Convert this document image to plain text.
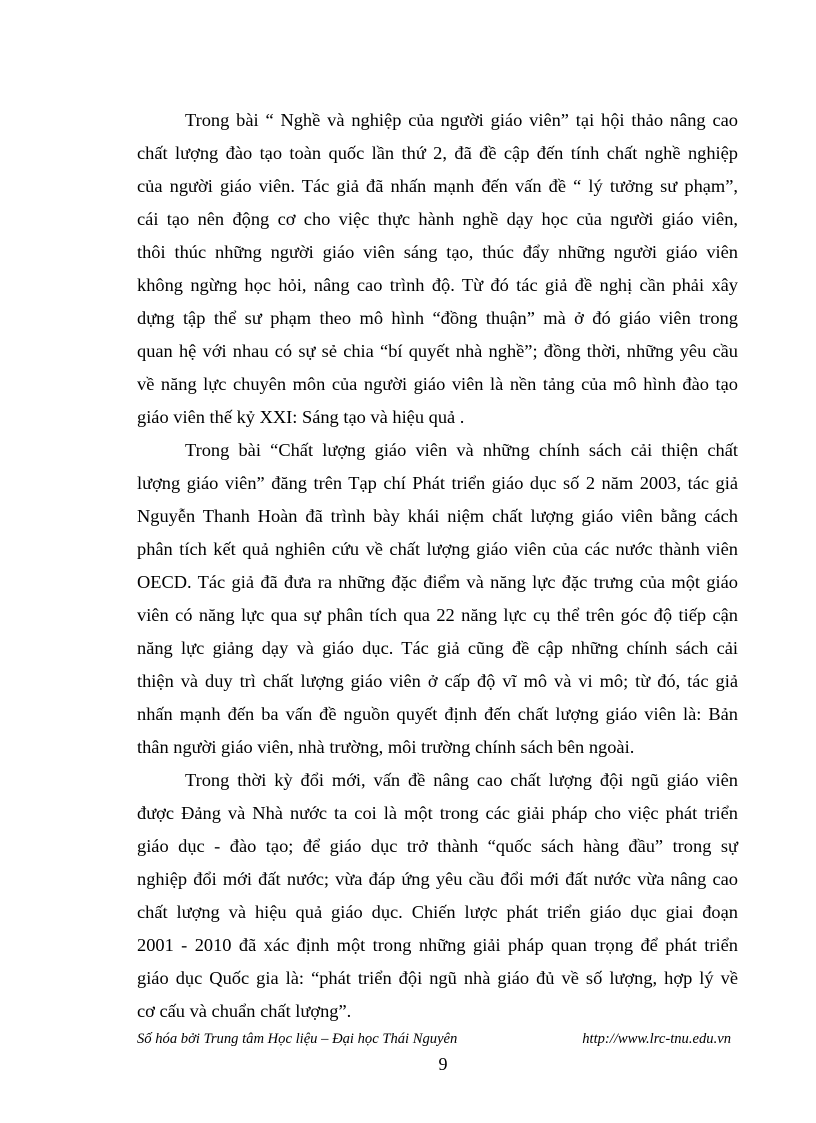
Trong bài “ Nghề và nghiệp của người giáo viên” tại hội thảo nâng cao
chất lượng đào tạo toàn quốc lần thứ 2, đã đề cập đến tính chất nghề nghiệp
của người giáo viên. Tác giả đã nhấn mạnh đến vấn đề “ lý tưởng sư phạm”,
cái tạo nên động cơ cho việc thực hành nghề dạy học của người giáo viên,
thôi thúc những người giáo viên sáng tạo, thúc đẩy những người giáo viên
không ngừng học hỏi, nâng cao trình độ. Từ đó tác giả đề nghị cần phải xây
dựng tập thể sư phạm theo mô hình “đồng thuận” mà ở đó giáo viên trong
quan hệ với nhau có sự sẻ chia “bí quyết nhà nghề”; đồng thời, những yêu cầu
về năng lực chuyên môn của người giáo viên là nền tảng của mô hình đào tạo
giáo viên thế kỷ XXI: Sáng tạo và hiệu quả .
Trong bài “Chất lượng giáo viên và những chính sách cải thiện chất
lượng giáo viên” đăng trên Tạp chí Phát triển giáo dục số 2 năm 2003, tác giả
Nguyễn Thanh Hoàn đã trình bày khái niệm chất lượng giáo viên bằng cách
phân tích kết quả nghiên cứu về chất lượng giáo viên của các nước thành viên
OECD. Tác giả đã đưa ra những đặc điểm và năng lực đặc trưng của một giáo
viên có năng lực qua sự phân tích qua 22 năng lực cụ thể trên góc độ tiếp cận
năng lực giảng dạy và giáo dục. Tác giả cũng đề cập những chính sách cải
thiện và duy trì chất lượng giáo viên ở cấp độ vĩ mô và vi mô; từ đó, tác giả
nhấn mạnh đến ba vấn đề nguồn quyết định đến chất lượng giáo viên là: Bản
thân người giáo viên, nhà trường, môi trường chính sách bên ngoài.
Trong thời kỳ đổi mới, vấn đề nâng cao chất lượng đội ngũ giáo viên
được Đảng và Nhà nước ta coi là một trong các giải pháp cho việc phát triển
giáo dục - đào tạo; để giáo dục trở thành “quốc sách hàng đầu” trong sự
nghiệp đổi mới đất nước; vừa đáp ứng yêu cầu đổi mới đất nước vừa nâng cao
chất lượng và hiệu quả giáo dục. Chiến lược phát triển giáo dục giai đoạn
2001 - 2010 đã xác định một trong những giải pháp quan trọng để phát triển
giáo dục Quốc gia là: “phát triển đội ngũ nhà giáo đủ về số lượng, hợp lý về
cơ cấu và chuẩn chất lượng”.
Số hóa bởi Trung tâm Học liệu – Đại học Thái Nguyên	http://www.lrc-tnu.edu.vn
9
